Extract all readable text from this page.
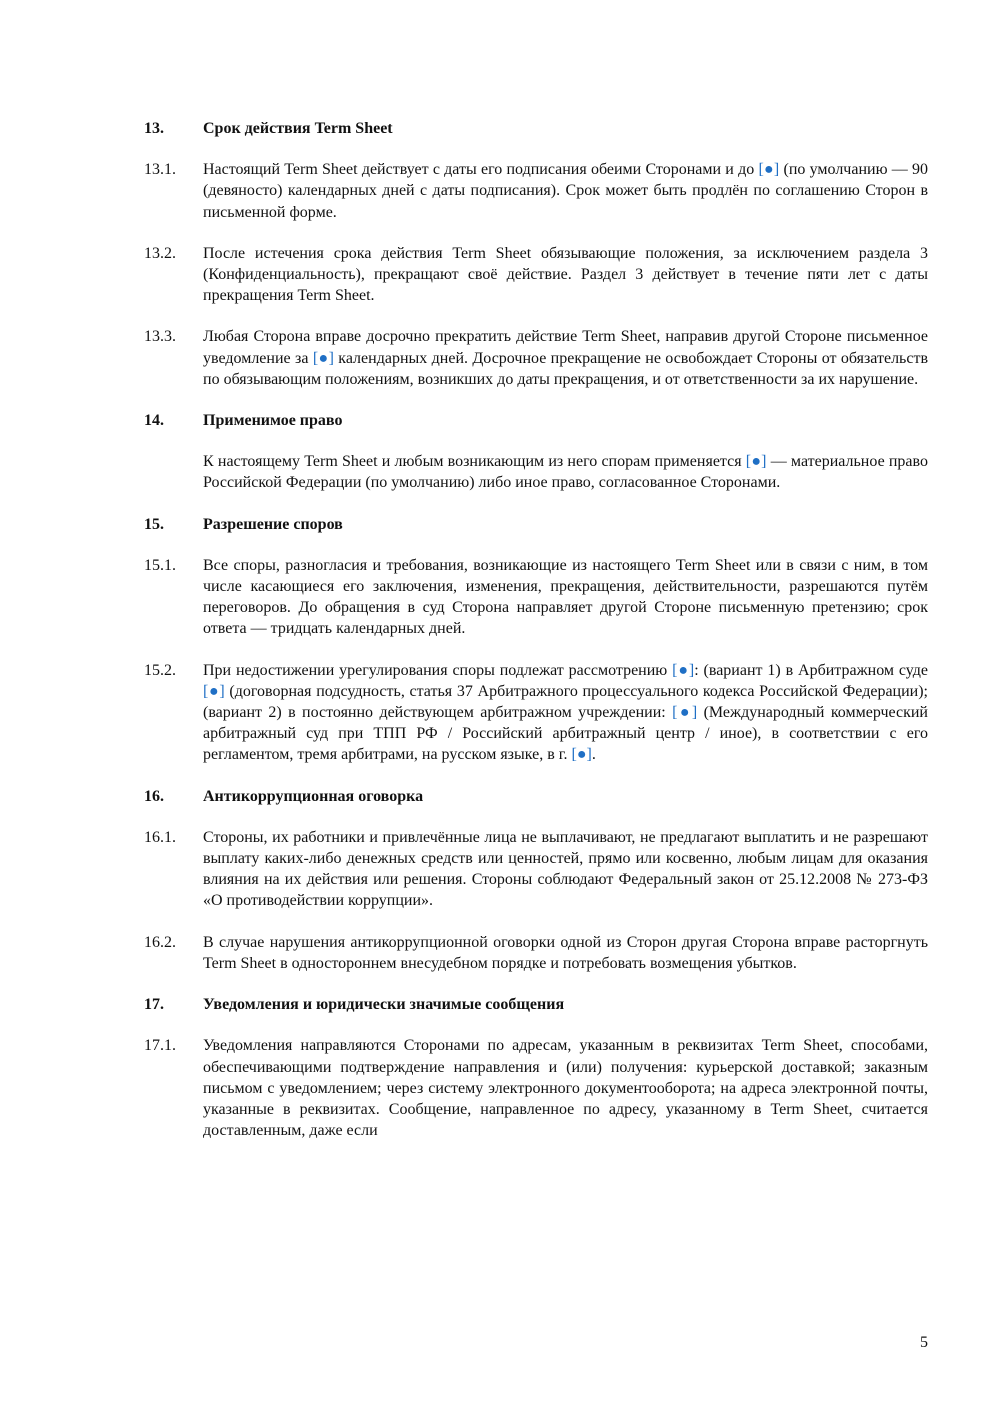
13.	Срок действия Term Sheet
13.1.	Настоящий Term Sheet действует с даты его подписания обеими Сторонами и до [●] (по умолчанию — 90 (девяносто) календарных дней с даты подписания). Срок может быть продлён по соглашению Сторон в письменной форме.
13.2.	После истечения срока действия Term Sheet обязывающие положения, за исключением раздела 3 (Конфиденциальность), прекращают своё действие. Раздел 3 действует в течение пяти лет с даты прекращения Term Sheet.
13.3.	Любая Сторона вправе досрочно прекратить действие Term Sheet, направив другой Стороне письменное уведомление за [●] календарных дней. Досрочное прекращение не освобождает Стороны от обязательств по обязывающим положениям, возникших до даты прекращения, и от ответственности за их нарушение.
14.	Применимое право
К настоящему Term Sheet и любым возникающим из него спорам применяется [●] — материальное право Российской Федерации (по умолчанию) либо иное право, согласованное Сторонами.
15.	Разрешение споров
15.1.	Все споры, разногласия и требования, возникающие из настоящего Term Sheet или в связи с ним, в том числе касающиеся его заключения, изменения, прекращения, действительности, разрешаются путём переговоров. До обращения в суд Сторона направляет другой Стороне письменную претензию; срок ответа — тридцать календарных дней.
15.2.	При недостижении урегулирования споры подлежат рассмотрению [●]: (вариант 1) в Арбитражном суде [●] (договорная подсудность, статья 37 Арбитражного процессуального кодекса Российской Федерации); (вариант 2) в постоянно действующем арбитражном учреждении: [●] (Международный коммерческий арбитражный суд при ТПП РФ / Российский арбитражный центр / иное), в соответствии с его регламентом, тремя арбитрами, на русском языке, в г. [●].
16.	Антикоррупционная оговорка
16.1.	Стороны, их работники и привлечённые лица не выплачивают, не предлагают выплатить и не разрешают выплату каких-либо денежных средств или ценностей, прямо или косвенно, любым лицам для оказания влияния на их действия или решения. Стороны соблюдают Федеральный закон от 25.12.2008 № 273-ФЗ «О противодействии коррупции».
16.2.	В случае нарушения антикоррупционной оговорки одной из Сторон другая Сторона вправе расторгнуть Term Sheet в одностороннем внесудебном порядке и потребовать возмещения убытков.
17.	Уведомления и юридически значимые сообщения
17.1.	Уведомления направляются Сторонами по адресам, указанным в реквизитах Term Sheet, способами, обеспечивающими подтверждение направления и (или) получения: курьерской доставкой; заказным письмом с уведомлением; через систему электронного документооборота; на адреса электронной почты, указанные в реквизитах. Сообщение, направленное по адресу, указанному в Term Sheet, считается доставленным, даже если
5
